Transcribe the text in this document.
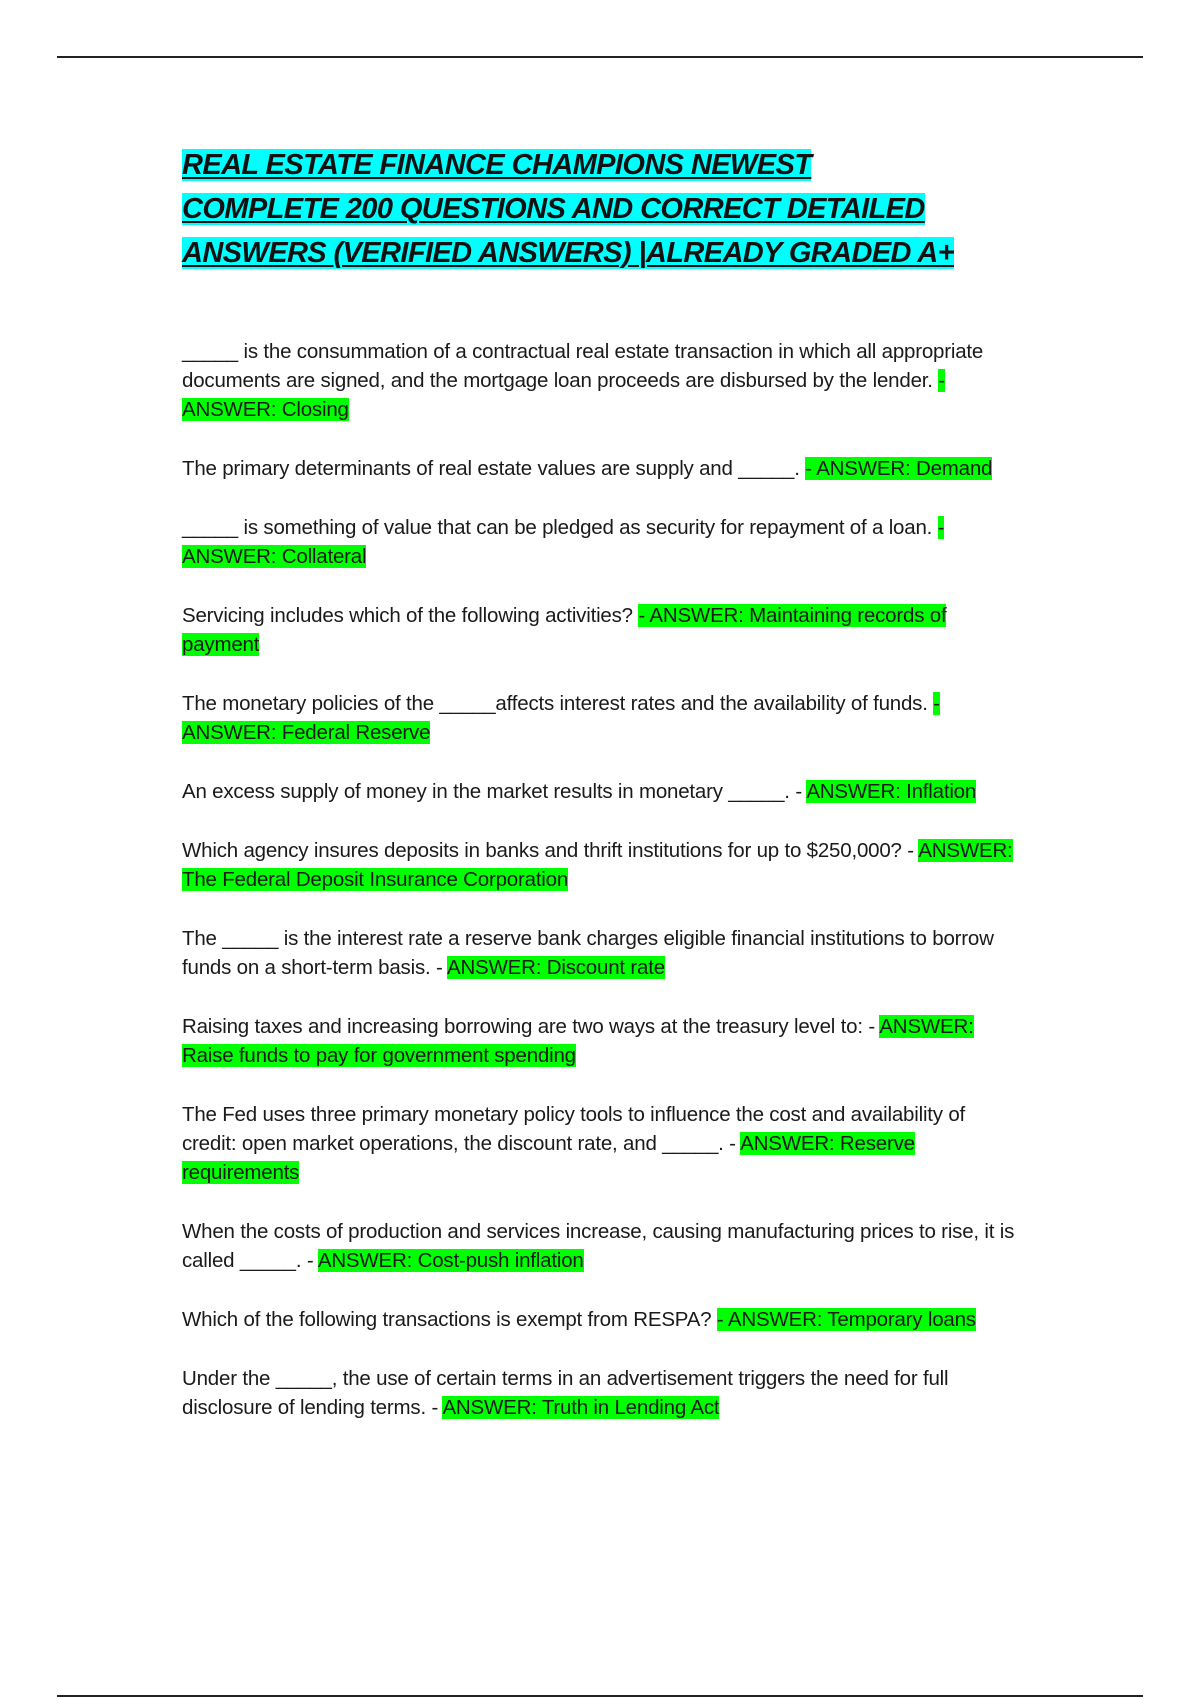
REAL ESTATE FINANCE CHAMPIONS NEWEST
COMPLETE 200 QUESTIONS AND CORRECT DETAILED
ANSWERS (VERIFIED ANSWERS) |ALREADY GRADED A+

_____ is the consummation of a contractual real estate transaction in which all appropriate documents are signed, and the mortgage loan proceeds are disbursed by the lender. - ANSWER: Closing

The primary determinants of real estate values are supply and _____. - ANSWER: Demand

_____ is something of value that can be pledged as security for repayment of a loan. - ANSWER: Collateral

Servicing includes which of the following activities? - ANSWER: Maintaining records of payment

The monetary policies of the _____affects interest rates and the availability of funds. - ANSWER: Federal Reserve

An excess supply of money in the market results in monetary _____. - ANSWER: Inflation

Which agency insures deposits in banks and thrift institutions for up to $250,000? - ANSWER: The Federal Deposit Insurance Corporation

The _____ is the interest rate a reserve bank charges eligible financial institutions to borrow funds on a short-term basis. - ANSWER: Discount rate

Raising taxes and increasing borrowing are two ways at the treasury level to: - ANSWER: Raise funds to pay for government spending

The Fed uses three primary monetary policy tools to influence the cost and availability of credit: open market operations, the discount rate, and _____. - ANSWER: Reserve requirements

When the costs of production and services increase, causing manufacturing prices to rise, it is called _____. - ANSWER: Cost-push inflation

Which of the following transactions is exempt from RESPA? - ANSWER: Temporary loans

Under the _____, the use of certain terms in an advertisement triggers the need for full disclosure of lending terms. - ANSWER: Truth in Lending Act
